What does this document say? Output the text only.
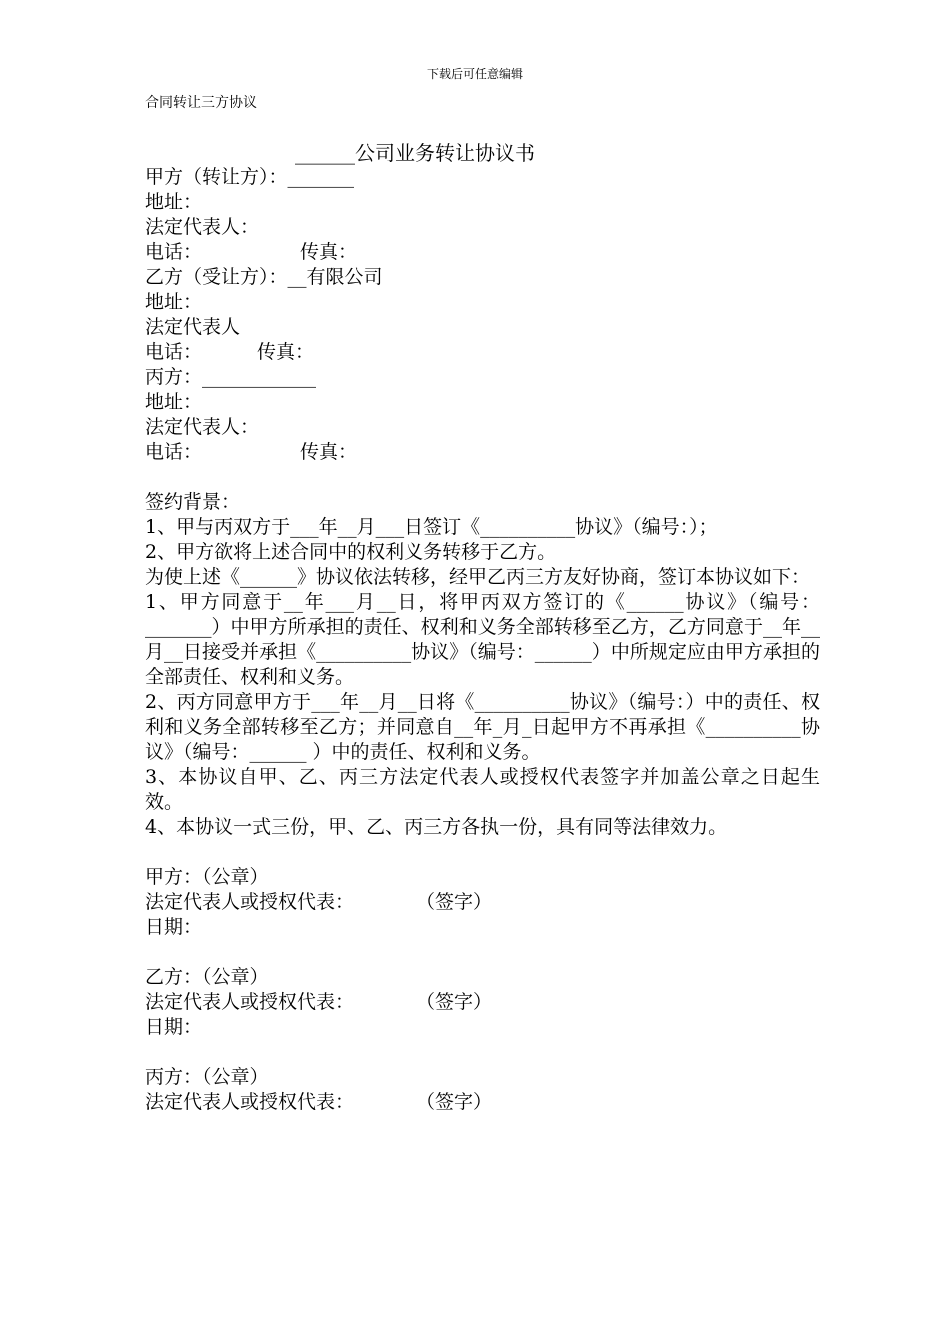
下载后可任意编辑
合同转让三方协议
______公司业务转让协议书
甲方（转让方）：_______
地址：
法定代表人：
电话：	传真：
乙方（受让方）：__有限公司
地址：
法定代表人
电话：	传真：
丙方：____________
地址：
法定代表人：
电话：	传真：
签约背景：
1、甲与丙双方于___年__月___日签订《__________协议》（编号：）；
2、甲方欲将上述合同中的权利义务转移于乙方。
为使上述《______》协议依法转移，经甲乙丙三方友好协商，签订本协议如下：
1、甲方同意于__年___月__日，将甲丙双方签订的《______协议》（编号：_______）中甲方所承担的责任、权利和义务全部转移至乙方，乙方同意于__年__月__日接受并承担《__________协议》（编号：______）中所规定应由甲方承担的全部责任、权利和义务。
2、丙方同意甲方于___年__月__日将《__________协议》（编号：）中的责任、权利和义务全部转移至乙方；并同意自__年_月_日起甲方不再承担《__________协议》（编号：______ ）中的责任、权利和义务。
3、本协议自甲、乙、丙三方法定代表人或授权代表签字并加盖公章之日起生效。
4、本协议一式三份，甲、乙、丙三方各执一份，具有同等法律效力。
甲方：（公章）
法定代表人或授权代表：	（签字）
日期：
乙方：（公章）
法定代表人或授权代表：	（签字）
日期：
丙方：（公章）
法定代表人或授权代表：	（签字）
